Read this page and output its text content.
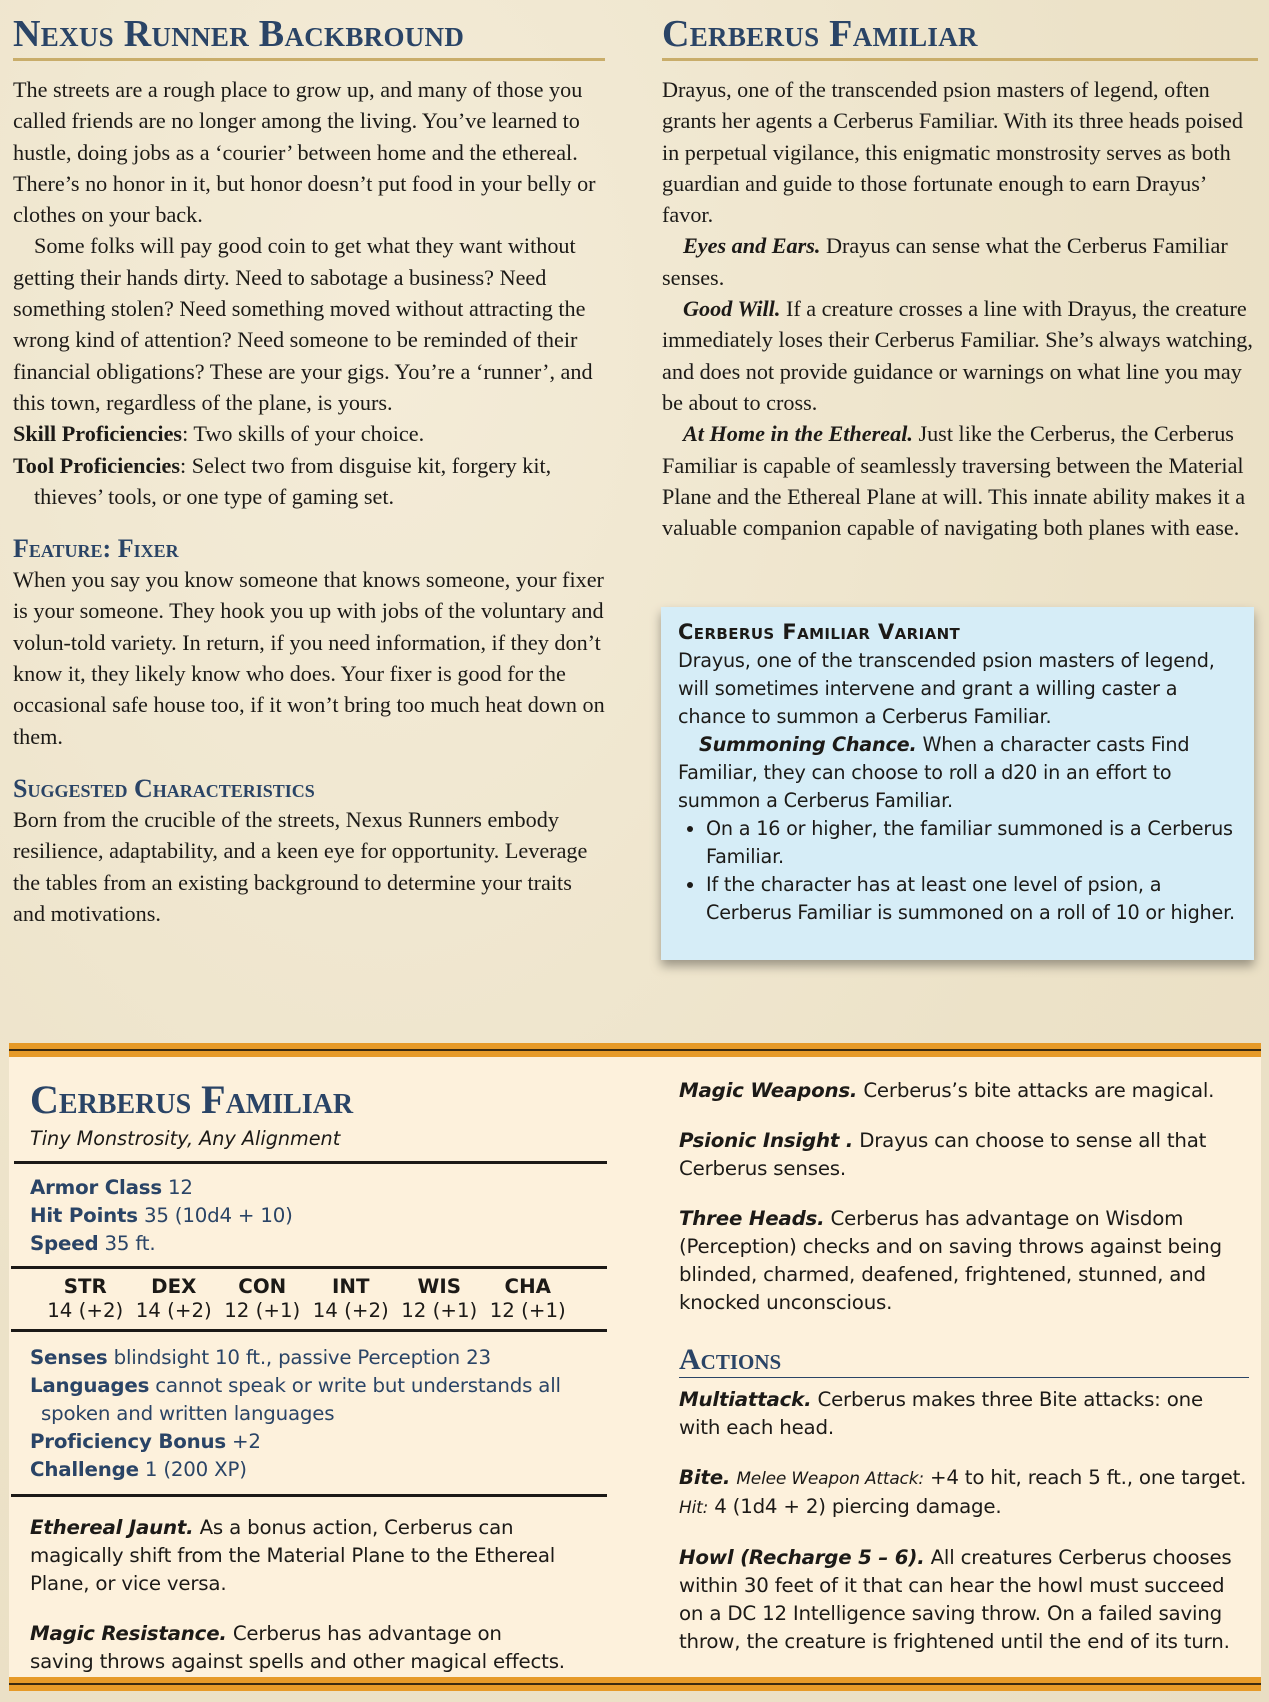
Nexus Runner Backbround

The streets are a rough place to grow up, and many of those you called friends are no longer among the living. You’ve learned to hustle, doing jobs as a ‘courier’ between home and the ethereal. There’s no honor in it, but honor doesn’t put food in your belly or clothes on your back.

Some folks will pay good coin to get what they want without getting their hands dirty. Need to sabotage a business? Need something stolen? Need something moved without attracting the wrong kind of attention? Need someone to be reminded of their financial obligations? These are your gigs. You’re a ‘runner’, and this town, regardless of the plane, is yours.

Skill Proficiencies: Two skills of your choice.

Tool Proficiencies: Select two from disguise kit, forgery kit, thieves’ tools, or one type of gaming set.

Feature: Fixer

When you say you know someone that knows someone, your fixer is your someone. They hook you up with jobs of the voluntary and volun-told variety. In return, if you need information, if they don’t know it, they likely know who does. Your fixer is good for the occasional safe house too, if it won’t bring too much heat down on them.

Suggested Characteristics

Born from the crucible of the streets, Nexus Runners embody resilience, adaptability, and a keen eye for opportunity. Leverage the tables from an existing background to determine your traits and motivations.

Cerberus Familiar

Drayus, one of the transcended psion masters of legend, often grants her agents a Cerberus Familiar. With its three heads poised in perpetual vigilance, this enigmatic monstrosity serves as both guardian and guide to those fortunate enough to earn Drayus’ favor.

Eyes and Ears. Drayus can sense what the Cerberus Familiar senses.

Good Will. If a creature crosses a line with Drayus, the creature immediately loses their Cerberus Familiar. She’s always watching, and does not provide guidance or warnings on what line you may be about to cross.

At Home in the Ethereal. Just like the Cerberus, the Cerberus Familiar is capable of seamlessly traversing between the Material Plane and the Ethereal Plane at will. This innate ability makes it a valuable companion capable of navigating both planes with ease.

Cerberus Familiar Variant

Drayus, one of the transcended psion masters of legend, will sometimes intervene and grant a willing caster a chance to summon a Cerberus Familiar.

Summoning Chance. When a character casts Find Familiar, they can choose to roll a d20 in an effort to summon a Cerberus Familiar.

• On a 16 or higher, the familiar summoned is a Cerberus Familiar.
• If the character has at least one level of psion, a Cerberus Familiar is summoned on a roll of 10 or higher.
Cerberus Familiar
Tiny Monstrosity, Any Alignment

Armor Class 12

Hit Points 35 (10d4 + 10)

Speed 35 ft.

STR
14 (+2)
DEX
14 (+2)
CON
12 (+1)
INT
14 (+2)
WIS
12 (+1)
CHA
12 (+1)

Senses blindsight 10 ft., passive Perception 23

Languages cannot speak or write but understands all spoken and written languages

Proficiency Bonus +2

Challenge 1 (200 XP)

Ethereal Jaunt. As a bonus action, Cerberus can magically shift from the Material Plane to the Ethereal Plane, or vice versa.

Magic Resistance. Cerberus has advantage on saving throws against spells and other magical effects.

Magic Weapons. Cerberus’s bite attacks are magical.

Psionic Insight . Drayus can choose to sense all that Cerberus senses.

Three Heads. Cerberus has advantage on Wisdom (Perception) checks and on saving throws against being blinded, charmed, deafened, frightened, stunned, and knocked unconscious.

Actions

Multiattack. Cerberus makes three Bite attacks: one with each head.

Bite. Melee Weapon Attack: +4 to hit, reach 5 ft., one target.
Hit: 4 (1d4 + 2) piercing damage.

Howl (Recharge 5 – 6). All creatures Cerberus chooses within 30 feet of it that can hear the howl must succeed on a DC 12 Intelligence saving throw. On a failed saving throw, the creature is frightened until the end of its turn.
